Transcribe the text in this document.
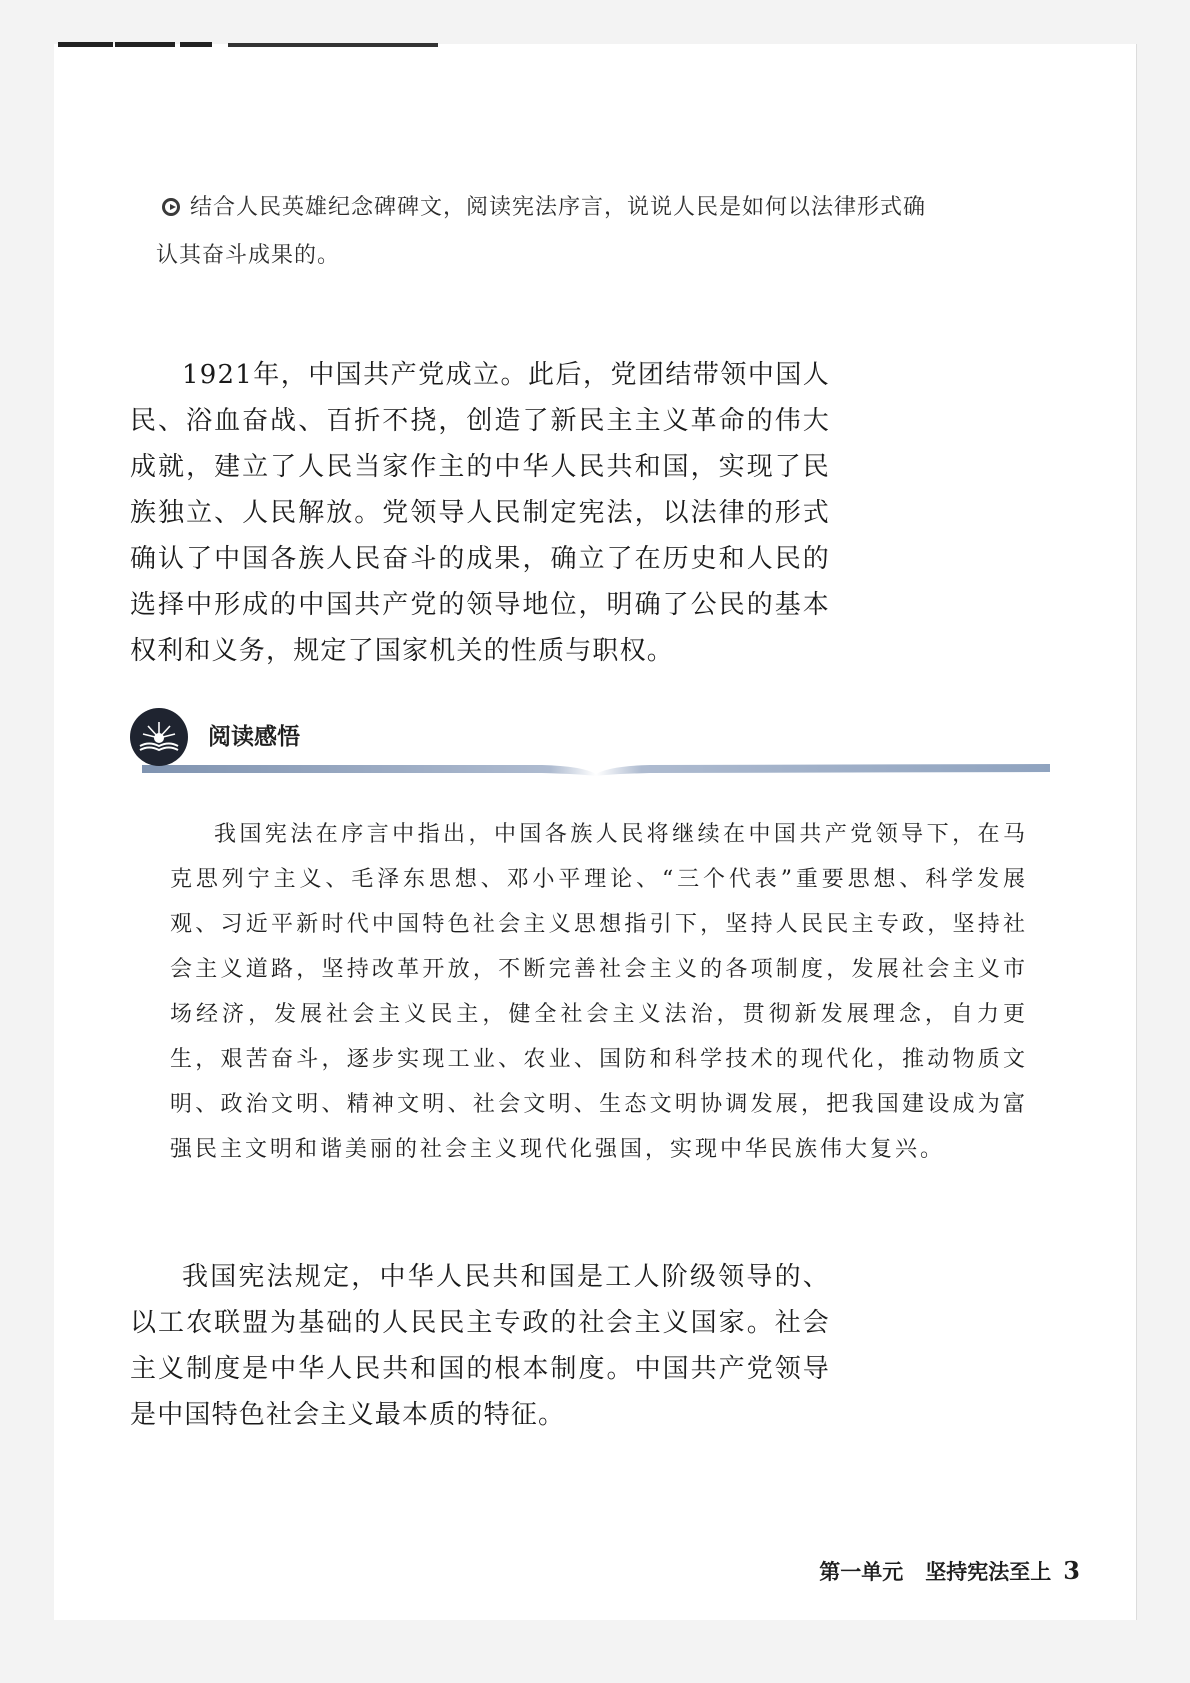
结合人民英雄纪念碑碑文，阅读宪法序言，说说人民是如何以法律形式确
认其奋斗成果的。

1921年，中国共产党成立。此后，党团结带领中国人民、浴血奋战、百折不挠，创造了新民主主义革命的伟大成就，建立了人民当家作主的中华人民共和国，实现了民族独立、人民解放。党领导人民制定宪法，以法律的形式确认了中国各族人民奋斗的成果，确立了在历史和人民的选择中形成的中国共产党的领导地位，明确了公民的基本权利和义务，规定了国家机关的性质与职权。

阅读感悟

我国宪法在序言中指出，中国各族人民将继续在中国共产党领导下，在马克思列宁主义、毛泽东思想、邓小平理论、“三个代表”重要思想、科学发展观、习近平新时代中国特色社会主义思想指引下，坚持人民民主专政，坚持社会主义道路，坚持改革开放，不断完善社会主义的各项制度，发展社会主义市场经济，发展社会主义民主，健全社会主义法治，贯彻新发展理念，自力更生，艰苦奋斗，逐步实现工业、农业、国防和科学技术的现代化，推动物质文明、政治文明、精神文明、社会文明、生态文明协调发展，把我国建设成为富强民主文明和谐美丽的社会主义现代化强国，实现中华民族伟大复兴。

我国宪法规定，中华人民共和国是工人阶级领导的、以工农联盟为基础的人民民主专政的社会主义国家。社会主义制度是中华人民共和国的根本制度。中国共产党领导是中国特色社会主义最本质的特征。

第一单元 坚持宪法至上 3
